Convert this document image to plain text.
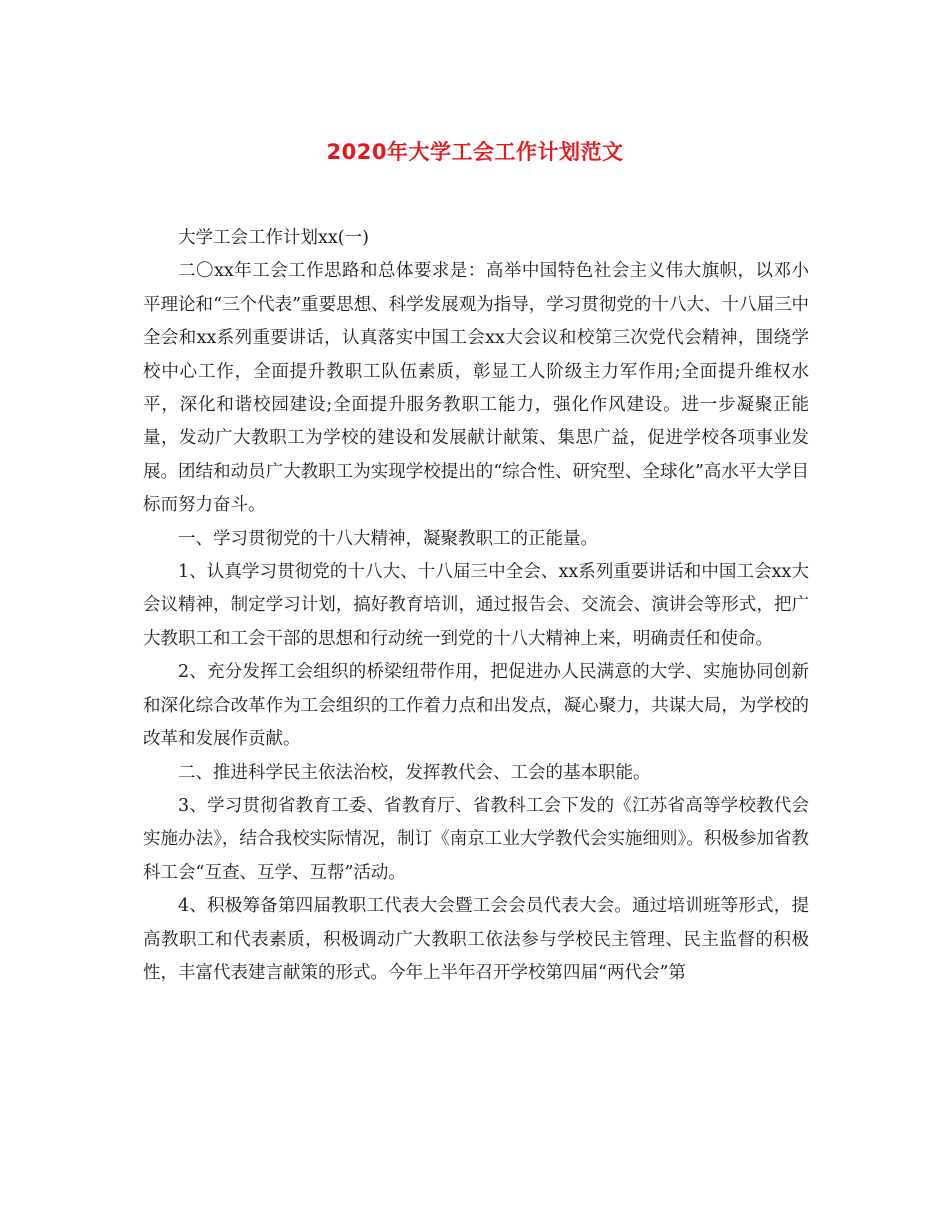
2020年大学工会工作计划范文

大学工会工作计划xx(一)

二〇xx年工会工作思路和总体要求是：高举中国特色社会主义伟大旗帜，以邓小平理论和“三个代表”重要思想、科学发展观为指导，学习贯彻党的十八大、十八届三中全会和xx系列重要讲话，认真落实中国工会xx大会议和校第三次党代会精神，围绕学校中心工作，全面提升教职工队伍素质，彰显工人阶级主力军作用;全面提升维权水平，深化和谐校园建设;全面提升服务教职工能力，强化作风建设。进一步凝聚正能量，发动广大教职工为学校的建设和发展献计献策、集思广益，促进学校各项事业发展。团结和动员广大教职工为实现学校提出的“综合性、研究型、全球化”高水平大学目标而努力奋斗。

一、学习贯彻党的十八大精神，凝聚教职工的正能量。

1、认真学习贯彻党的十八大、十八届三中全会、xx系列重要讲话和中国工会xx大会议精神，制定学习计划，搞好教育培训，通过报告会、交流会、演讲会等形式，把广大教职工和工会干部的思想和行动统一到党的十八大精神上来，明确责任和使命。

2、充分发挥工会组织的桥梁纽带作用，把促进办人民满意的大学、实施协同创新和深化综合改革作为工会组织的工作着力点和出发点，凝心聚力，共谋大局，为学校的改革和发展作贡献。

二、推进科学民主依法治校，发挥教代会、工会的基本职能。

3、学习贯彻省教育工委、省教育厅、省教科工会下发的《江苏省高等学校教代会实施办法》，结合我校实际情况，制订《南京工业大学教代会实施细则》。积极参加省教科工会“互查、互学、互帮”活动。

4、积极筹备第四届教职工代表大会暨工会会员代表大会。通过培训班等形式，提高教职工和代表素质，积极调动广大教职工依法参与学校民主管理、民主监督的积极性，丰富代表建言献策的形式。今年上半年召开学校第四届“两代会”第
